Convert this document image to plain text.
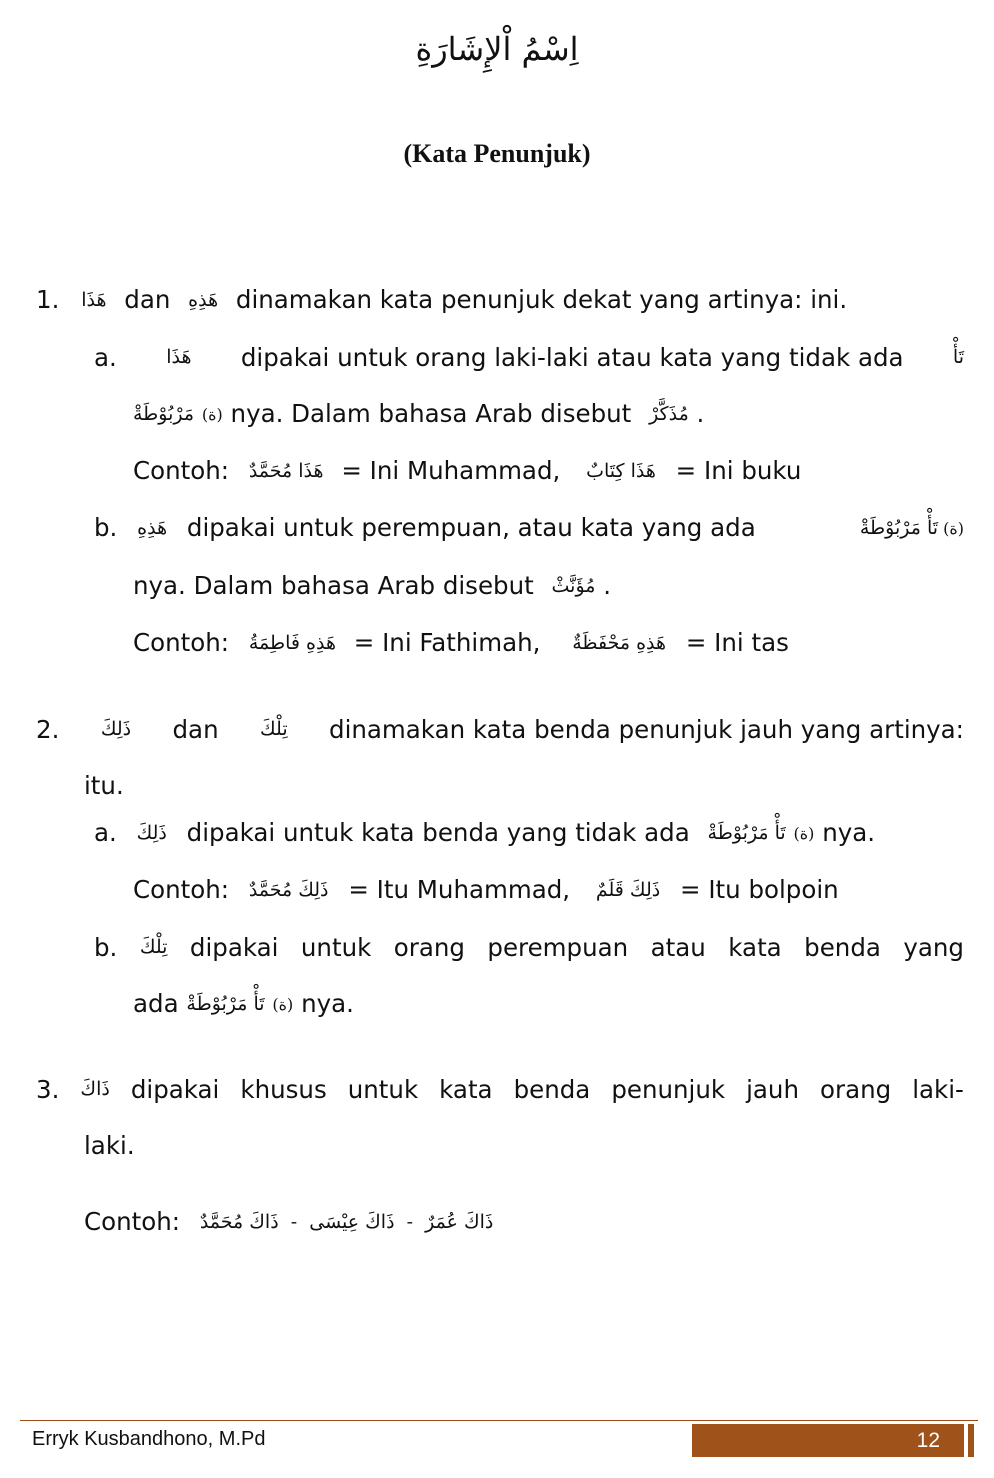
اِسْمُ اْلإِشَارَةِ
(Kata Penunjuk)
1. هَذَا dan هَذِهِ dinamakan kata penunjuk dekat yang artinya: ini.
a.	هَذَا dipakai untuk orang laki-laki atau kata yang tidak ada	تَأْ
مَرْبُوْطَةْ (ة) nya. Dalam bahasa Arab disebut مُذَكَّرْ .
Contoh: هَذَا مُحَمَّدٌ = Ini Muhammad, هَذَا كِتَابٌ = Ini buku
b. هَذِهِ dipakai untuk perempuan, atau kata yang ada	تَأْ مَرْبُوْطَةْ (ة)
nya. Dalam bahasa Arab disebut مُؤَنَّثْ .
Contoh: هَذِهِ فَاطِمَةُ = Ini Fathimah, هَذِهِ مَحْفَظَةٌ = Ini tas
2. ذَلِكَ dan تِلْكَ dinamakan kata benda penunjuk jauh yang artinya:
itu.
a. ذَلِكَ dipakai untuk kata benda yang tidak ada تَأْ مَرْبُوْطَةْ (ة) nya.
Contoh: ذَلِكَ مُحَمَّدٌ = Itu Muhammad, ذَلِكَ قَلَمٌ = Itu bolpoin
b. تِلْكَ dipakai untuk orang perempuan atau kata benda yang
ada تَأْ مَرْبُوْطَةْ (ة) nya.
3. ذَاكَ dipakai khusus untuk kata benda penunjuk jauh orang laki-
laki.
Contoh: ذَاكَ عُمَرٌ  -  ذَاكَ عِيْسَى  -  ذَاكَ مُحَمَّدٌ
Erryk Kusbandhono, M.Pd	12
